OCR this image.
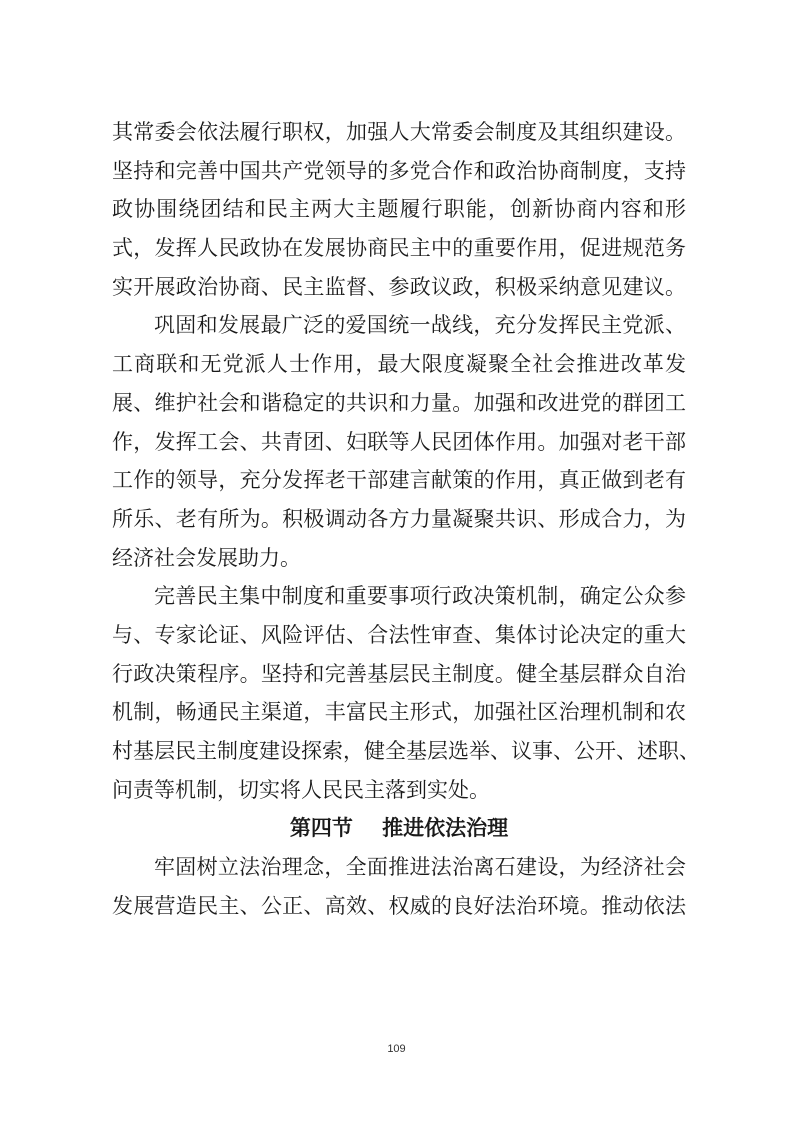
其常委会依法履行职权，加强人大常委会制度及其组织建设。
坚持和完善中国共产党领导的多党合作和政治协商制度，支持
政协围绕团结和民主两大主题履行职能，创新协商内容和形
式，发挥人民政协在发展协商民主中的重要作用，促进规范务
实开展政治协商、民主监督、参政议政，积极采纳意见建议。
巩固和发展最广泛的爱国统一战线，充分发挥民主党派、
工商联和无党派人士作用，最大限度凝聚全社会推进改革发
展、维护社会和谐稳定的共识和力量。加强和改进党的群团工
作，发挥工会、共青团、妇联等人民团体作用。加强对老干部
工作的领导，充分发挥老干部建言献策的作用，真正做到老有
所乐、老有所为。积极调动各方力量凝聚共识、形成合力，为
经济社会发展助力。
完善民主集中制度和重要事项行政决策机制，确定公众参
与、专家论证、风险评估、合法性审查、集体讨论决定的重大
行政决策程序。坚持和完善基层民主制度。健全基层群众自治
机制，畅通民主渠道，丰富民主形式，加强社区治理机制和农
村基层民主制度建设探索，健全基层选举、议事、公开、述职、
问责等机制，切实将人民民主落到实处。
第四节    推进依法治理
牢固树立法治理念，全面推进法治离石建设，为经济社会
发展营造民主、公正、高效、权威的良好法治环境。推动依法
109
